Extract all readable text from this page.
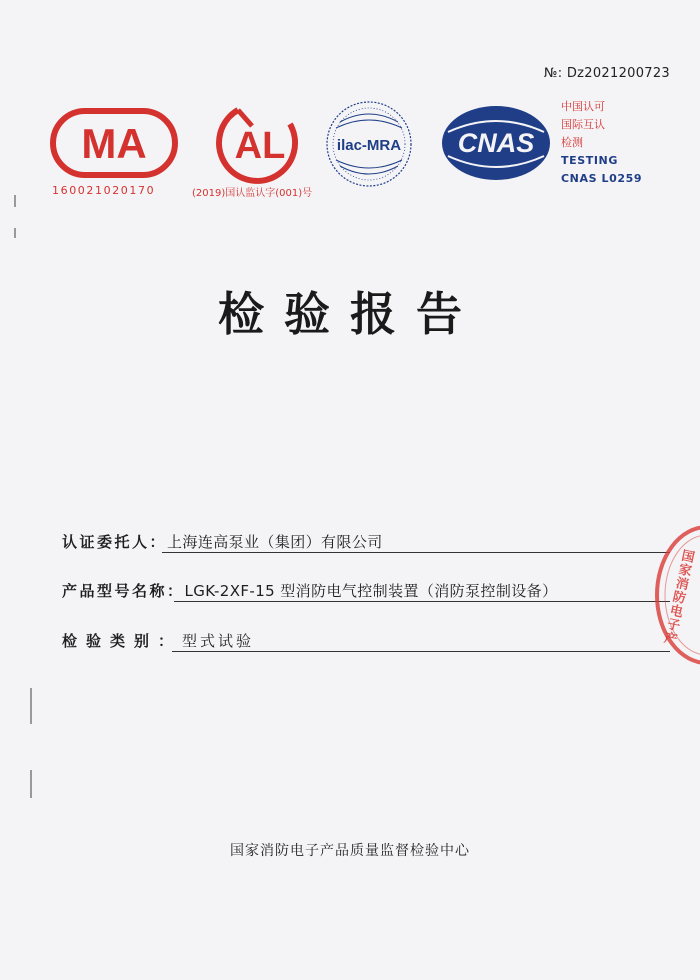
№: Dz2021200723
MA
160021020170
AL
(2019)国认监认字(001)号
ilac-MRA CNAS
中国认可
国际互认
检测
TESTING
CNAS L0259
检验报告
认证委托人：上海连高泵业（集团）有限公司
产品型号名称：LGK-2XF-15 型消防电气控制装置（消防泵控制设备）
检验类别：型式试验
国家消防电子产品质量监督检验中心
国家消防电子产
